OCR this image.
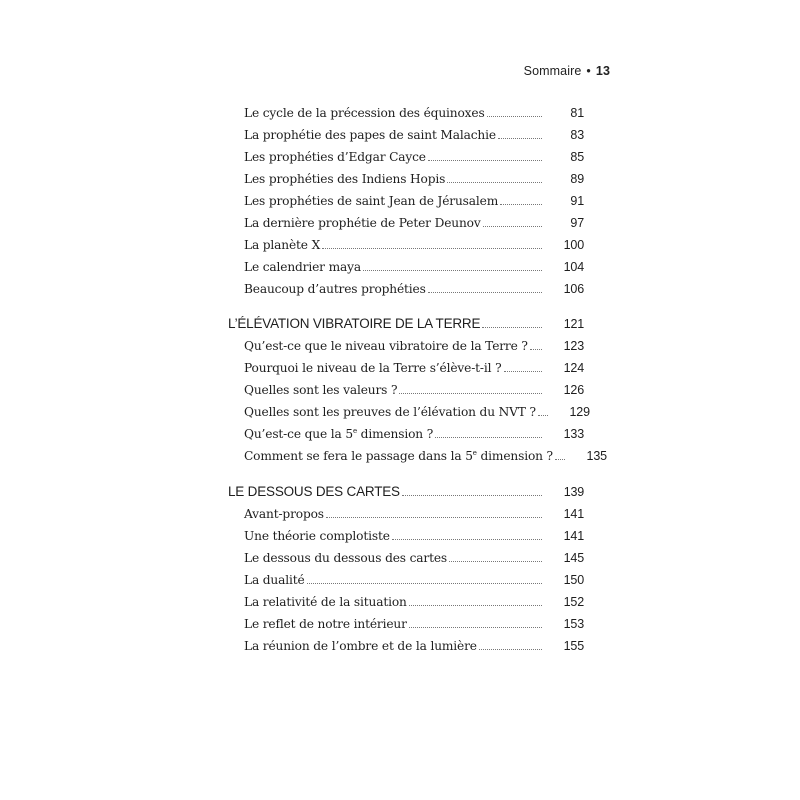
Sommaire • 13
Le cycle de la précession des équinoxes	81
La prophétie des papes de saint Malachie	83
Les prophéties d’Edgar Cayce	85
Les prophéties des Indiens Hopis	89
Les prophéties de saint Jean de Jérusalem	91
La dernière prophétie de Peter Deunov	97
La planète X	100
Le calendrier maya	104
Beaucoup d’autres prophéties	106
L’ÉLÉVATION VIBRATOIRE DE LA TERRE	121
Qu’est-ce que le niveau vibratoire de la Terre ?	123
Pourquoi le niveau de la Terre s’élève-t-il ?	124
Quelles sont les valeurs ?	126
Quelles sont les preuves de l’élévation du NVT ?	129
Qu’est-ce que la 5e dimension ?	133
Comment se fera le passage dans la 5e dimension ?	135
LE DESSOUS DES CARTES	139
Avant-propos	141
Une théorie complotiste	141
Le dessous du dessous des cartes	145
La dualité	150
La relativité de la situation	152
Le reflet de notre intérieur	153
La réunion de l’ombre et de la lumière	155
